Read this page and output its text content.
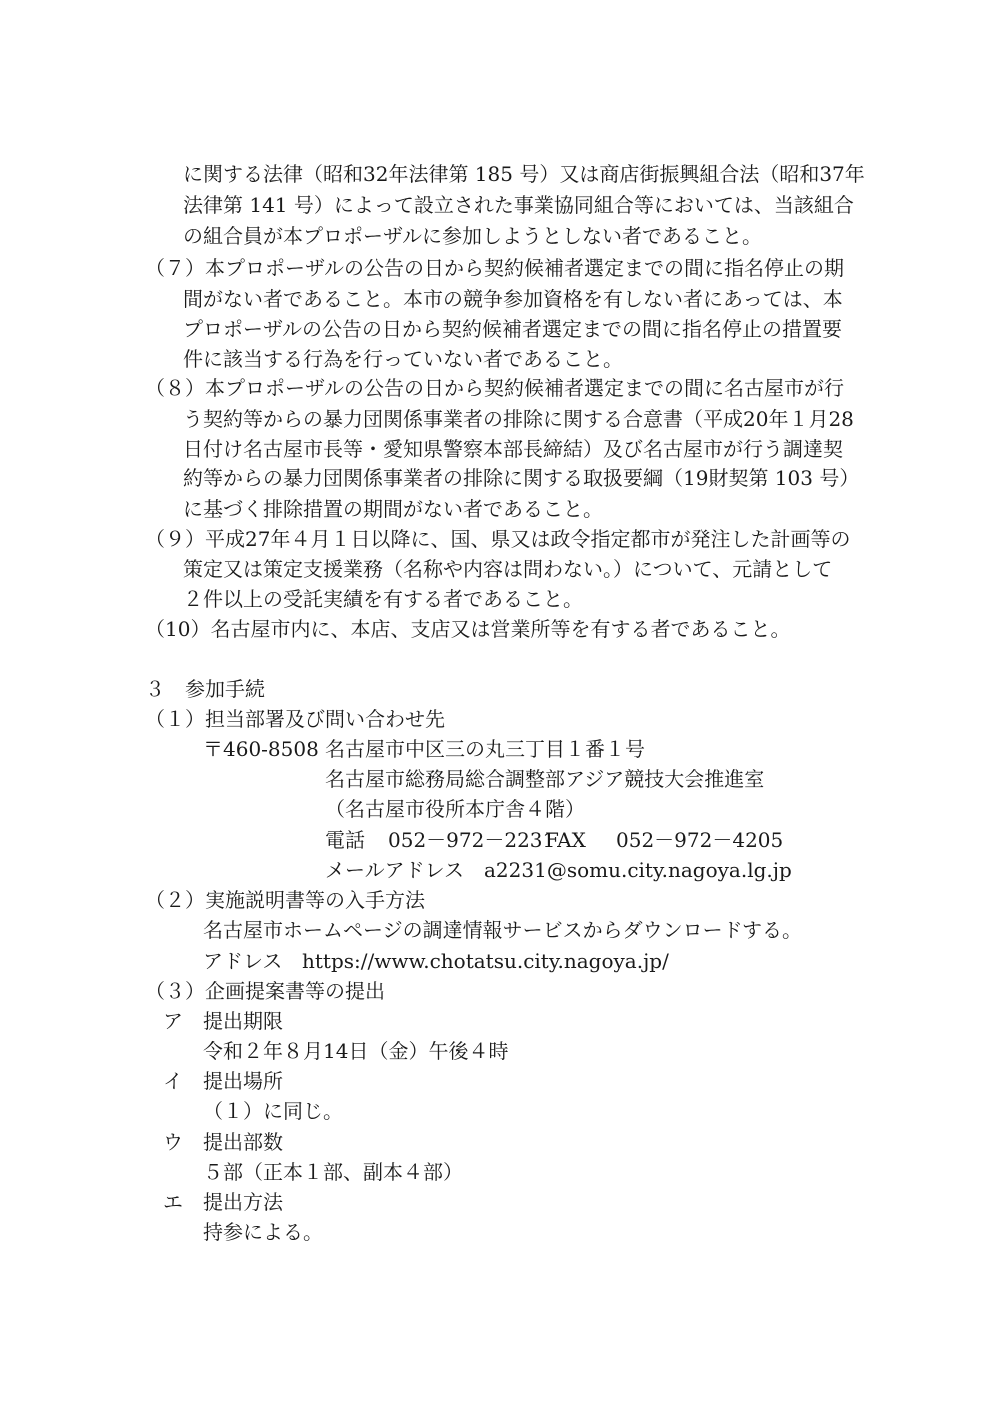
に関する法律（昭和32年法律第 185 号）又は商店街振興組合法（昭和37年
法律第 141 号）によって設立された事業協同組合等においては、当該組合
の組合員が本プロポーザルに参加しようとしない者であること。
（７）本プロポーザルの公告の日から契約候補者選定までの間に指名停止の期
間がない者であること。本市の競争参加資格を有しない者にあっては、本
プロポーザルの公告の日から契約候補者選定までの間に指名停止の措置要
件に該当する行為を行っていない者であること。
（８）本プロポーザルの公告の日から契約候補者選定までの間に名古屋市が行
う契約等からの暴力団関係事業者の排除に関する合意書（平成20年１月28
日付け名古屋市長等・愛知県警察本部長締結）及び名古屋市が行う調達契
約等からの暴力団関係事業者の排除に関する取扱要綱（19財契第 103 号）
に基づく排除措置の期間がない者であること。
（９）平成27年４月１日以降に、国、県又は政令指定都市が発注した計画等の
策定又は策定支援業務（名称や内容は問わない。）について、元請として
２件以上の受託実績を有する者であること。
（10）名古屋市内に、本店、支店又は営業所等を有する者であること。
３　参加手続
（１）担当部署及び問い合わせ先
〒460-8508 名古屋市中区三の丸三丁目１番１号
名古屋市総務局総合調整部アジア競技大会推進室
（名古屋市役所本庁舎４階）
電話 052－972－2231
FAX 052－972－4205
メールアドレス a2231@somu.city.nagoya.lg.jp
（２）実施説明書等の入手方法
名古屋市ホームページの調達情報サービスからダウンロードする。
アドレス https://www.chotatsu.city.nagoya.jp/
（３）企画提案書等の提出
ア　提出期限
令和２年８月14日（金）午後４時
イ　提出場所
（１）に同じ。
ウ　提出部数
５部（正本１部、副本４部）
エ　提出方法
持参による。
